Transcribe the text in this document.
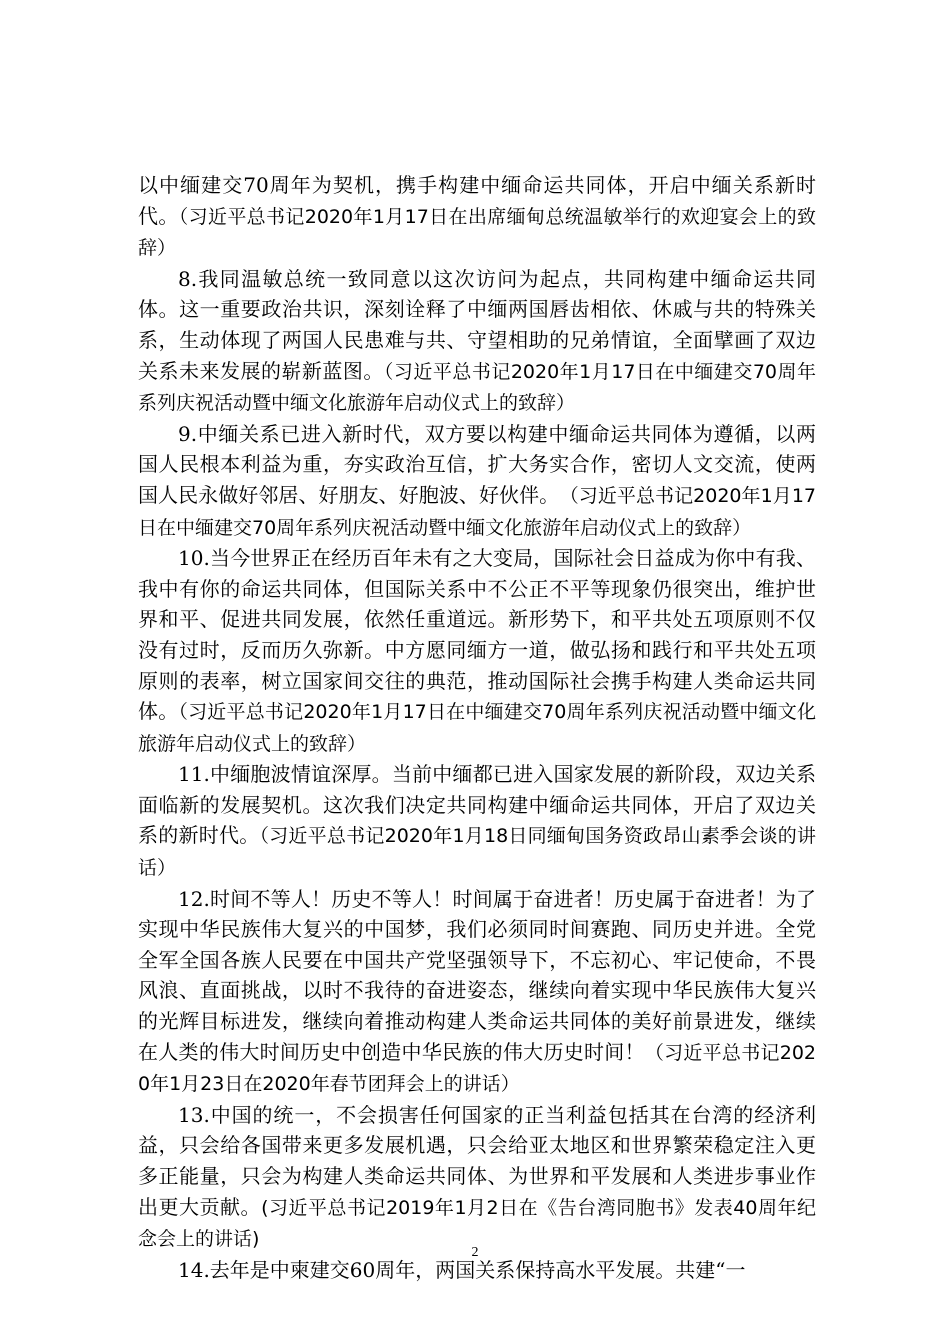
以中缅建交70周年为契机，携手构建中缅命运共同体，开启中缅关系新时代。（习近平总书记2020年1月17日在出席缅甸总统温敏举行的欢迎宴会上的致辞）

8.我同温敏总统一致同意以这次访问为起点，共同构建中缅命运共同体。这一重要政治共识，深刻诠释了中缅两国唇齿相依、休戚与共的特殊关系，生动体现了两国人民患难与共、守望相助的兄弟情谊，全面擘画了双边关系未来发展的崭新蓝图。（习近平总书记2020年1月17日在中缅建交70周年系列庆祝活动暨中缅文化旅游年启动仪式上的致辞）

9.中缅关系已进入新时代，双方要以构建中缅命运共同体为遵循，以两国人民根本利益为重，夯实政治互信，扩大务实合作，密切人文交流，使两国人民永做好邻居、好朋友、好胞波、好伙伴。　（习近平总书记2020年1月17日在中缅建交70周年系列庆祝活动暨中缅文化旅游年启动仪式上的致辞）

10.当今世界正在经历百年未有之大变局，国际社会日益成为你中有我、我中有你的命运共同体，但国际关系中不公正不平等现象仍很突出，维护世界和平、促进共同发展，依然任重道远。新形势下，和平共处五项原则不仅没有过时，反而历久弥新。中方愿同缅方一道，做弘扬和践行和平共处五项原则的表率，树立国家间交往的典范，推动国际社会携手构建人类命运共同体。（习近平总书记2020年1月17日在中缅建交70周年系列庆祝活动暨中缅文化旅游年启动仪式上的致辞）

11.中缅胞波情谊深厚。当前中缅都已进入国家发展的新阶段，双边关系面临新的发展契机。这次我们决定共同构建中缅命运共同体，开启了双边关系的新时代。（习近平总书记2020年1月18日同缅甸国务资政昂山素季会谈的讲话）

12.时间不等人！历史不等人！时间属于奋进者！历史属于奋进者！为了实现中华民族伟大复兴的中国梦，我们必须同时间赛跑、同历史并进。全党全军全国各族人民要在中国共产党坚强领导下，不忘初心、牢记使命，不畏风浪、直面挑战，以时不我待的奋进姿态，继续向着实现中华民族伟大复兴的光辉目标进发，继续向着推动构建人类命运共同体的美好前景进发，继续在人类的伟大时间历史中创造中华民族的伟大历史时间！（习近平总书记2020年1月23日在2020年春节团拜会上的讲话）

13.中国的统一，不会损害任何国家的正当利益包括其在台湾的经济利益，只会给各国带来更多发展机遇，只会给亚太地区和世界繁荣稳定注入更多正能量，只会为构建人类命运共同体、为世界和平发展和人类进步事业作出更大贡献。(习近平总书记2019年1月2日在《告台湾同胞书》发表40周年纪念会上的讲话)

14.去年是中柬建交60周年，两国关系保持高水平发展。共建“一

2
